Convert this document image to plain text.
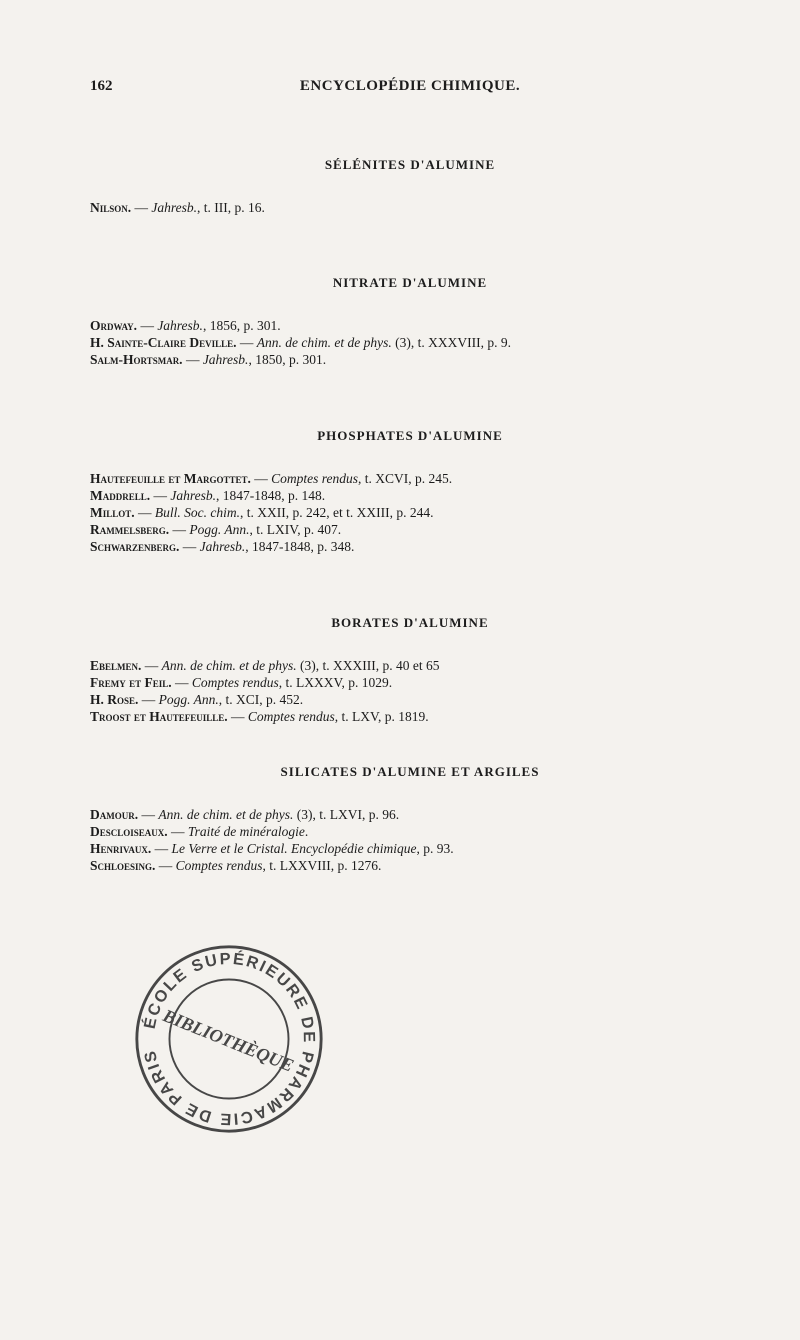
162	ENCYCLOPÉDIE CHIMIQUE.
SÉLÉNITES D'ALUMINE
Nilson. — Jahresb., t. III, p. 16.
NITRATE D'ALUMINE
Ordway. — Jahresb., 1856, p. 301.
H. Sainte-Claire Deville. — Ann. de chim. et de phys. (3), t. XXXVIII, p. 9.
Salm-Hortsmar. — Jahresb., 1850, p. 301.
PHOSPHATES D'ALUMINE
Hautefeuille et Margottet. — Comptes rendus, t. XCVI, p. 245.
Maddrell. — Jahresb., 1847-1848, p. 148.
Millot. — Bull. Soc. chim., t. XXII, p. 242, et t. XXIII, p. 244.
Rammelsberg. — Pogg. Ann., t. LXIV, p. 407.
Schwarzenberg. — Jahresb., 1847-1848, p. 348.
BORATES D'ALUMINE
Ebelmen. — Ann. de chim. et de phys. (3), t. XXXIII, p. 40 et 65
Fremy et Feil. — Comptes rendus, t. LXXXV, p. 1029.
H. Rose. — Pogg. Ann., t. XCI, p. 452.
Troost et Hautefeuille. — Comptes rendus, t. LXV, p. 1819.
SILICATES D'ALUMINE ET ARGILES
Damour. — Ann. de chim. et de phys. (3), t. LXVI, p. 96.
Descloiseaux. — Traité de minéralogie.
Henrivaux. — Le Verre et le Cristal. Encyclopédie chimique, p. 93.
Schloesing. — Comptes rendus, t. LXXVIII, p. 1276.
ÉCOLE SUPÉRIEURE DE PHARMACIE DE PARIS BIBLIOTHÈQUE
